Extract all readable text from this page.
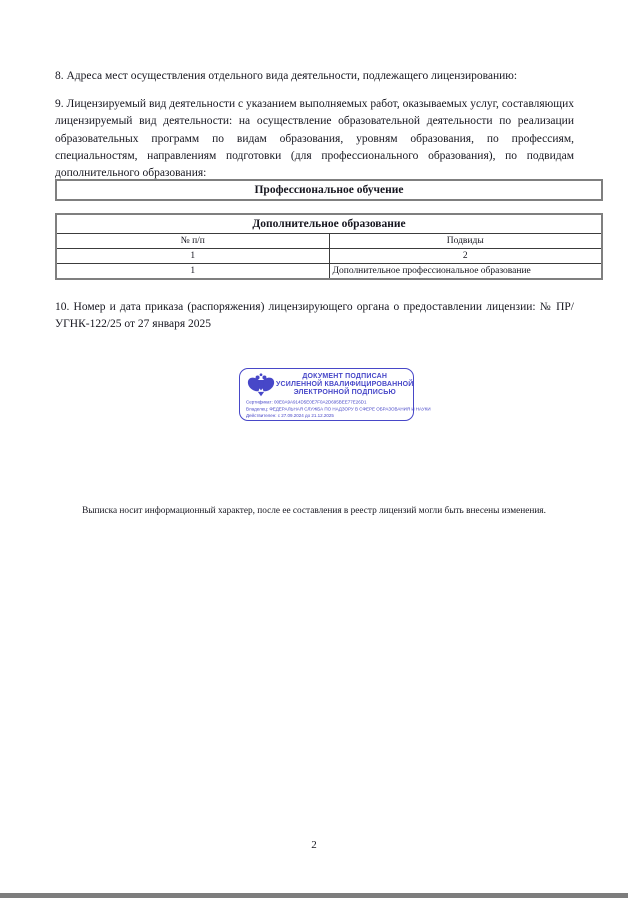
8. Адреса мест осуществления отдельного вида деятельности, подлежащего лицензированию:
9. Лицензируемый вид деятельности с указанием выполняемых работ, оказываемых услуг, составляющих лицензируемый вид деятельности: на осуществление образовательной деятельности по реализации образовательных программ по видам образования, уровням образования, по профессиям, специальностям, направлениям подготовки (для профессионального образования), по подвидам дополнительного образования:
Профессиональное обучение
Дополнительное образование	
№ п/п	Подвиды
1	2
1	Дополнительное профессиональное образование
10. Номер и дата приказа (распоряжения) лицензирующего органа о предоставлении лицензии: № ПР/УГНК-122/25 от 27 января 2025
ДОКУМЕНТ ПОДПИСАН
УСИЛЕННОЙ КВАЛИФИЦИРОВАННОЙ
ЭЛЕКТРОННОЙ ПОДПИСЬЮ
Сертификат: 00E0A9A914D5E0E7F0A2D695BEE77E26D1
Владелец: ФЕДЕРАЛЬНАЯ СЛУЖБА ПО НАДЗОРУ В СФЕРЕ ОБРАЗОВАНИЯ И НАУКИ
Действителен: с 27.09.2024 до 21.12.2025
Выписка носит информационный характер, после ее составления в реестр лицензий могли быть внесены изменения.
2
